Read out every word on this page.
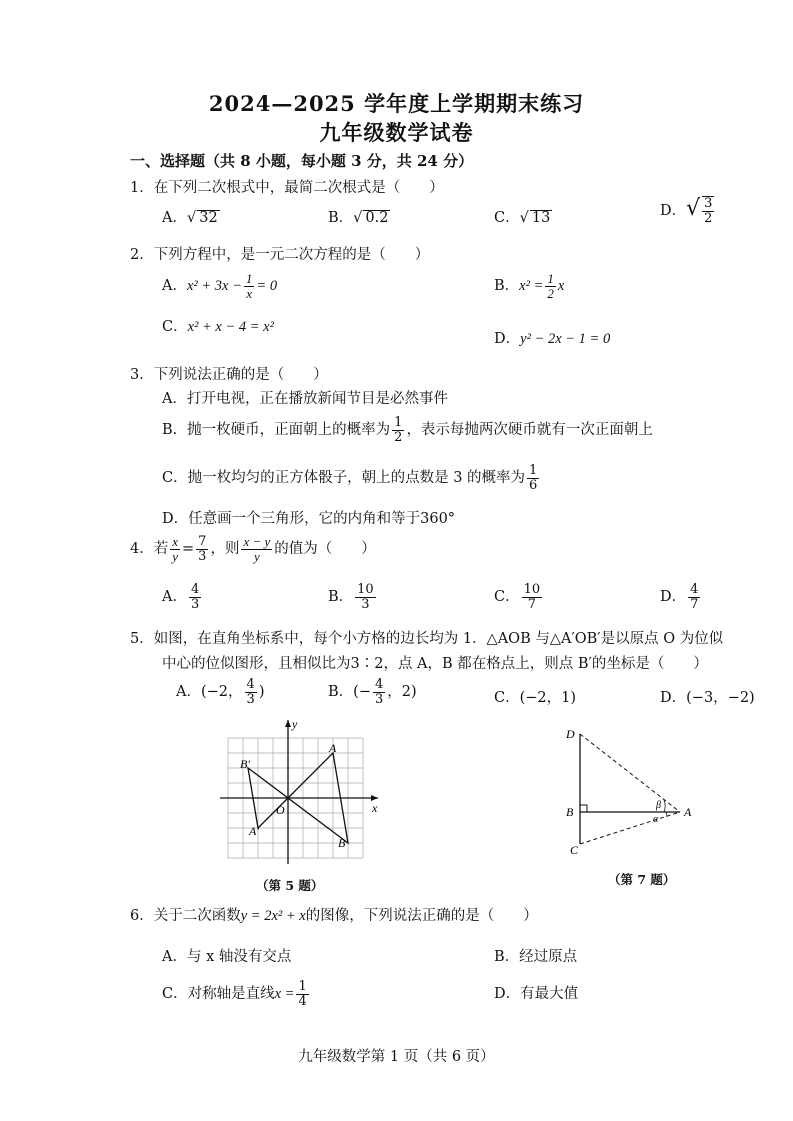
2024—2025 学年度上学期期末练习
九年级数学试卷
一、选择题（共 8 小题，每小题 3 分，共 24 分）
1．在下列二次根式中，最简二次根式是（　　）
A．√ 32	B．√ 0.2	C．√ 13	D．√ $\frac{3}{2}$
2．下列方程中，是一元二次方程的是（　　）
A．$x^2 + 3x - \frac{1}{x} = 0$	B．$x^2 = \frac{1}{2}$ x
C．x² + x − 4 = x²
D．y² − 2x − 1 = 0
3．下列说法正确的是（　　）
A．打开电视，正在播放新闻节目是必然事件
B．抛一枚硬币，正面朝上的概率为 $\frac{1}{2}$ ，表示每抛两次硬币就有一次正面朝上
C．抛一枚均匀的正方体骰子，朝上的点数是 3 的概率为 $\frac{1}{6}$
D．任意画一个三角形，它的内角和等于360°
4．若 $\frac{x}{y} = \frac{7}{3}$ ，则 $\frac{x - y}{y}$ 的值为（　　）
A． $\frac{4}{3}$	B． $\frac{10}{3}$	C． $\frac{10}{7}$	D． $\frac{4}{7}$
5．如图，在直角坐标系中，每个小方格的边长均为 1．△AOB 与△A′OB′是以原点 O 为位似
中心的位似图形，且相似比为3∶2，点 A，B 都在格点上，则点 B′的坐标是（　　）
A．(−2， $\frac{4}{3}$ )	B．(− $\frac{4}{3}$ ，2)	C．(−2，1)	D．(−3，−2)
y
x
O
A
B
A′
B′
（第 5 题）
D
B
C
A
β
α
（第 7 题）
6．关于二次函数y = 2x² + x的图像，下列说法正确的是（　　）
A．与 x 轴没有交点	B．经过原点
C．对称轴是直线$x = \frac{1}{4}$	D．有最大值
九年级数学第 1 页（共 6 页）
